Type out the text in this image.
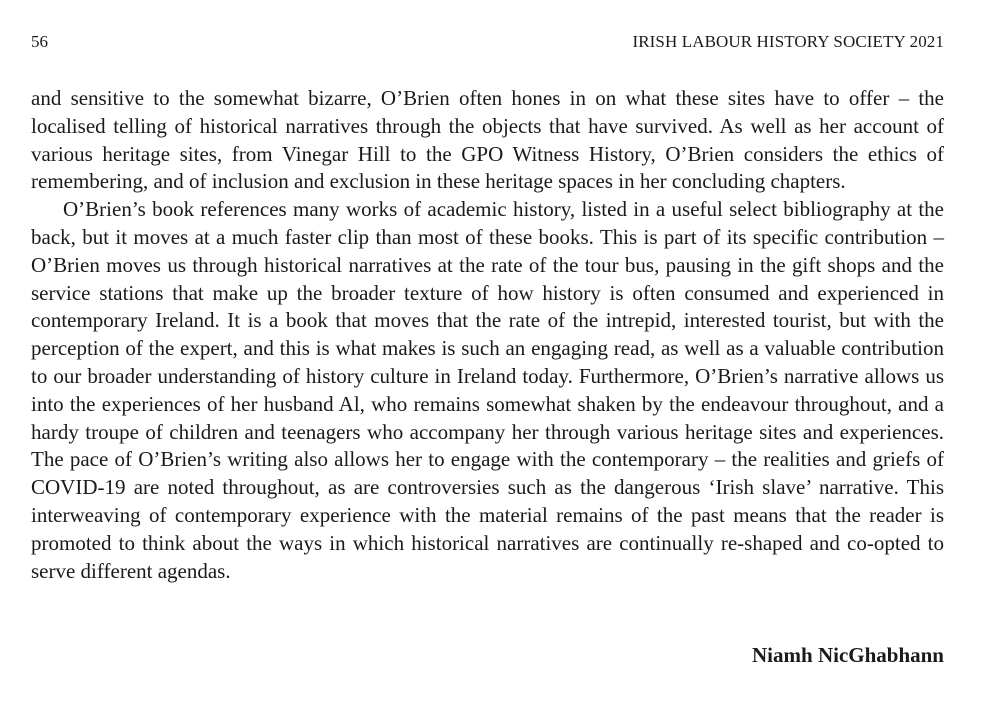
56	IRISH LABOUR HISTORY SOCIETY 2021

and sensitive to the somewhat bizarre, O’Brien often hones in on what these sites have to offer – the localised telling of historical narratives through the objects that have survived. As well as her account of various heritage sites, from Vinegar Hill to the GPO Witness History, O’Brien considers the ethics of remembering, and of inclusion and exclusion in these heritage spaces in her concluding chapters.

O’Brien’s book references many works of academic history, listed in a useful select bibliography at the back, but it moves at a much faster clip than most of these books. This is part of its specific contribution – O’Brien moves us through historical narratives at the rate of the tour bus, pausing in the gift shops and the service stations that make up the broader texture of how history is often consumed and experienced in contemporary Ireland. It is a book that moves that the rate of the intrepid, interested tourist, but with the perception of the expert, and this is what makes is such an engaging read, as well as a valuable contribution to our broader understanding of history culture in Ireland today. Furthermore, O’Brien’s narrative allows us into the experiences of her husband Al, who remains somewhat shaken by the endeavour throughout, and a hardy troupe of children and teenagers who accompany her through various heritage sites and experiences. The pace of O’Brien’s writing also allows her to engage with the contemporary – the realities and griefs of COVID-19 are noted throughout, as are controversies such as the dangerous ‘Irish slave’ narrative. This interweaving of contemporary experience with the material remains of the past means that the reader is promoted to think about the ways in which historical narratives are continually re-shaped and co-opted to serve different agendas.

Niamh NicGhabhann
